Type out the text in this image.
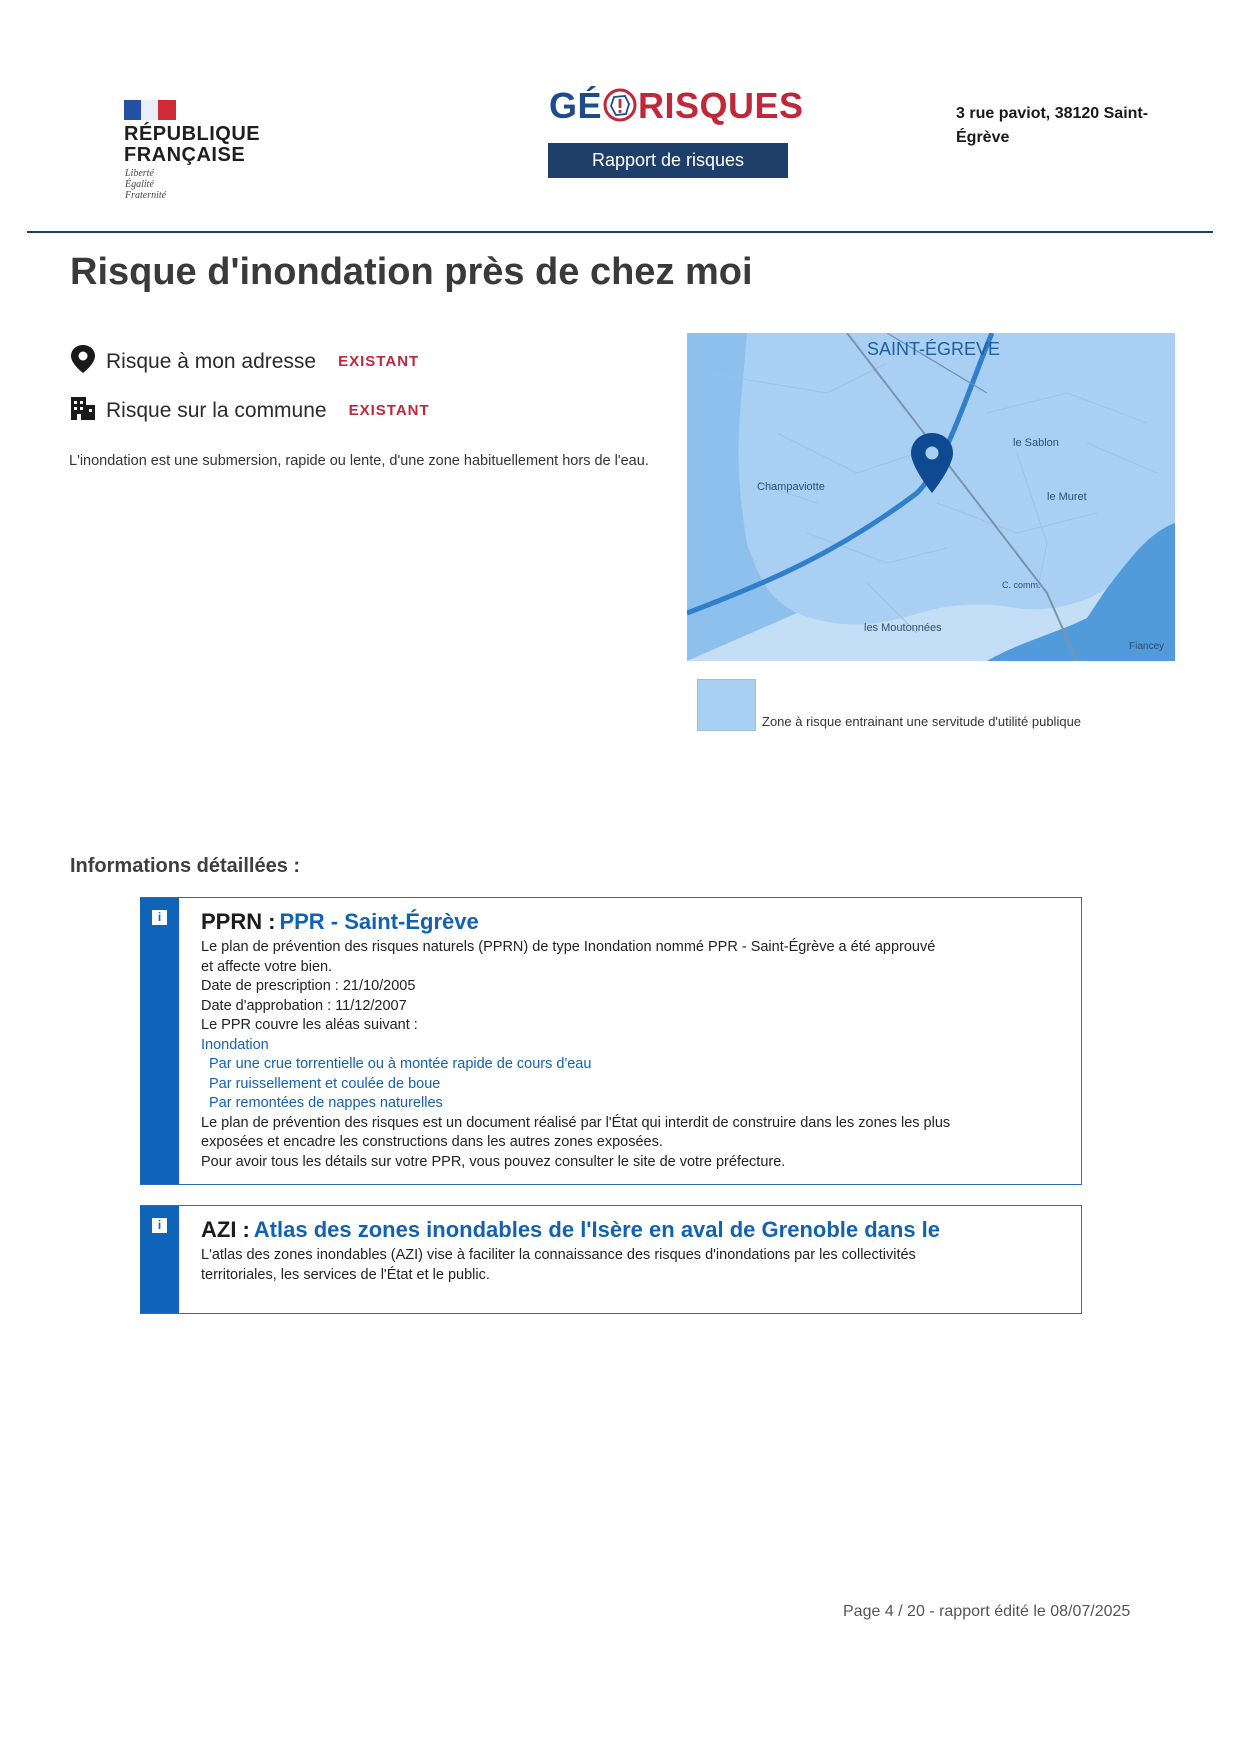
RÉPUBLIQUE
FRANÇAISE
Liberté
Égalité
Fraternité
GÉ RISQUES
Rapport de risques
3 rue paviot, 38120 Saint-Égrève
Risque d'inondation près de chez moi
Risque à mon adresse EXISTANT
Risque sur la commune EXISTANT
L'inondation est une submersion, rapide ou lente, d'une zone habituellement hors de l'eau.
SAINT-ÉGREVE
le Sablon
Champaviotte
le Muret
C. comm.
les Moutonnées
Fiancey
Zone à risque entrainant une servitude d'utilité publique
Informations détaillées :
i PPRN : PPR - Saint-Égrève

Le plan de prévention des risques naturels (PPRN) de type Inondation nommé PPR - Saint-Égrève a été approuvé

et affecte votre bien.

Date de prescription : 21/10/2005

Date d'approbation : 11/12/2007

Le PPR couvre les aléas suivant :

Inondation

Par une crue torrentielle ou à montée rapide de cours d'eau

Par ruissellement et coulée de boue

Par remontées de nappes naturelles

Le plan de prévention des risques est un document réalisé par l'État qui interdit de construire dans les zones les plus

exposées et encadre les constructions dans les autres zones exposées.

Pour avoir tous les détails sur votre PPR, vous pouvez consulter le site de votre préfecture.

i AZI : Atlas des zones inondables de l'Isère en aval de Grenoble dans le

L'atlas des zones inondables (AZI) vise à faciliter la connaissance des risques d'inondations par les collectivités

territoriales, les services de l'État et le public.

Page 4 / 20 - rapport édité le 08/07/2025
